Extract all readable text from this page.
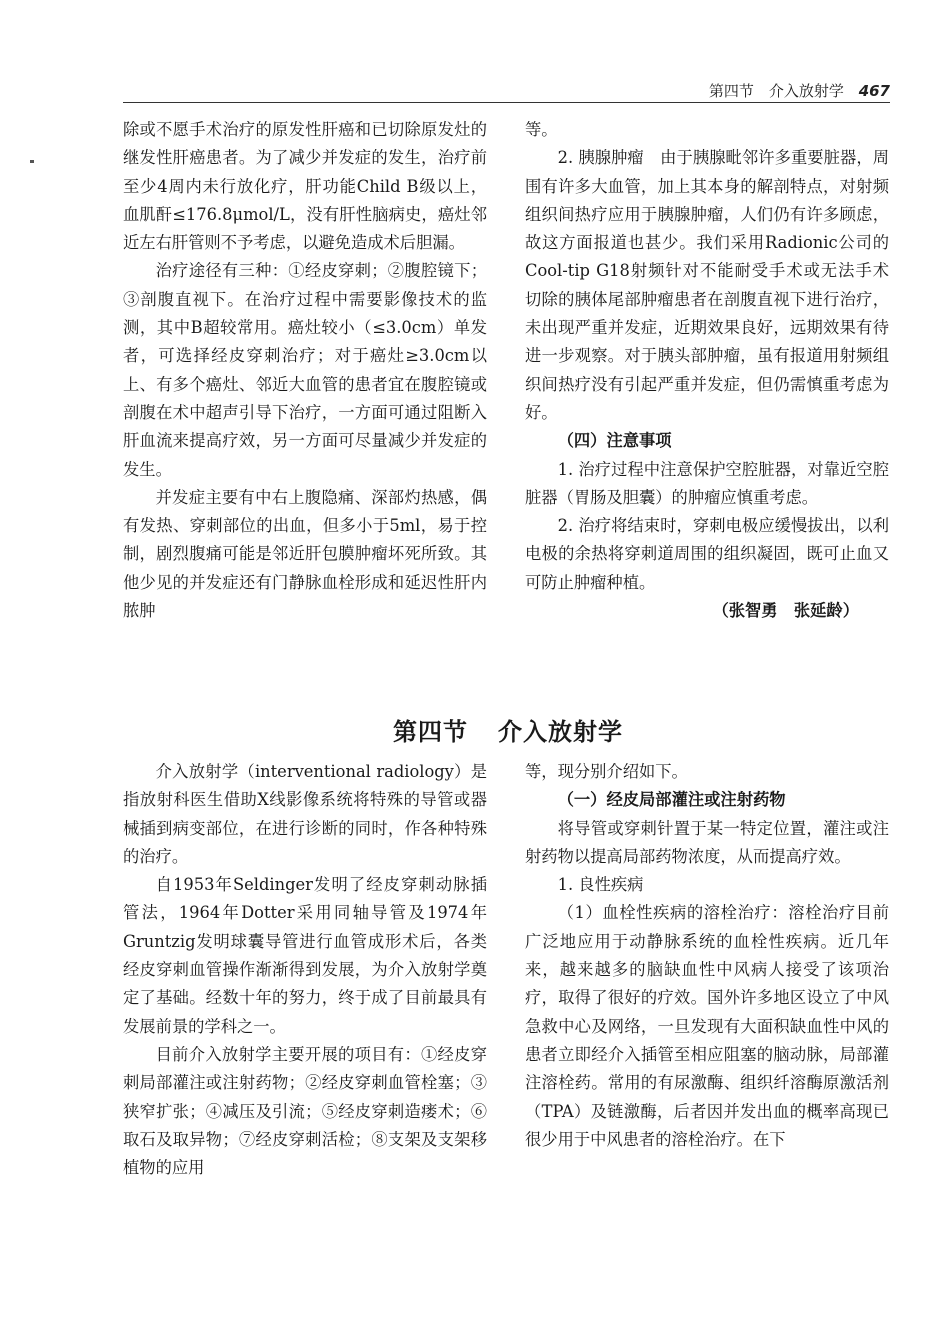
第四节　介入放射学 467

除或不愿手术治疗的原发性肝癌和已切除原发灶的继发性肝癌患者。为了减少并发症的发生，治疗前至少4周内未行放化疗，肝功能Child B级以上，血肌酐≤176.8μmol/L，没有肝性脑病史，癌灶邻近左右肝管则不予考虑，以避免造成术后胆漏。

治疗途径有三种：①经皮穿刺；②腹腔镜下；③剖腹直视下。在治疗过程中需要影像技术的监测，其中B超较常用。癌灶较小（≤3.0cm）单发者，可选择经皮穿刺治疗；对于癌灶≥3.0cm以上、有多个癌灶、邻近大血管的患者宜在腹腔镜或剖腹在术中超声引导下治疗，一方面可通过阻断入肝血流来提高疗效，另一方面可尽量减少并发症的发生。

并发症主要有中右上腹隐痛、深部灼热感，偶有发热、穿刺部位的出血，但多小于5ml，易于控制，剧烈腹痛可能是邻近肝包膜肿瘤坏死所致。其他少见的并发症还有门静脉血栓形成和延迟性肝内脓肿

等。

2. 胰腺肿瘤　由于胰腺毗邻许多重要脏器，周围有许多大血管，加上其本身的解剖特点，对射频组织间热疗应用于胰腺肿瘤，人们仍有许多顾虑，故这方面报道也甚少。我们采用Radionic公司的Cool-tip G18射频针对不能耐受手术或无法手术切除的胰体尾部肿瘤患者在剖腹直视下进行治疗，未出现严重并发症，近期效果良好，远期效果有待进一步观察。对于胰头部肿瘤，虽有报道用射频组织间热疗没有引起严重并发症，但仍需慎重考虑为好。

（四）注意事项

1. 治疗过程中注意保护空腔脏器，对靠近空腔脏器（胃肠及胆囊）的肿瘤应慎重考虑。

2. 治疗将结束时，穿刺电极应缓慢拔出，以利电极的余热将穿刺道周围的组织凝固，既可止血又可防止肿瘤种植。

（张智勇　张延龄）

第四节 介入放射学

介入放射学（interventional radiology）是指放射科医生借助X线影像系统将特殊的导管或器械插到病变部位，在进行诊断的同时，作各种特殊的治疗。

自1953年Seldinger发明了经皮穿刺动脉插管法，1964年Dotter采用同轴导管及1974年Gruntzig发明球囊导管进行血管成形术后，各类经皮穿刺血管操作渐渐得到发展，为介入放射学奠定了基础。经数十年的努力，终于成了目前最具有发展前景的学科之一。

目前介入放射学主要开展的项目有：①经皮穿刺局部灌注或注射药物；②经皮穿刺血管栓塞；③狭窄扩张；④减压及引流；⑤经皮穿刺造瘘术；⑥取石及取异物；⑦经皮穿刺活检；⑧支架及支架移植物的应用

等，现分别介绍如下。

（一）经皮局部灌注或注射药物

将导管或穿刺针置于某一特定位置，灌注或注射药物以提高局部药物浓度，从而提高疗效。

1. 良性疾病

（1）血栓性疾病的溶栓治疗：溶栓治疗目前广泛地应用于动静脉系统的血栓性疾病。近几年来，越来越多的脑缺血性中风病人接受了该项治疗，取得了很好的疗效。国外许多地区设立了中风急救中心及网络，一旦发现有大面积缺血性中风的患者立即经介入插管至相应阻塞的脑动脉，局部灌注溶栓药。常用的有尿激酶、组织纤溶酶原激活剂（TPA）及链激酶，后者因并发出血的概率高现已很少用于中风患者的溶栓治疗。在下
